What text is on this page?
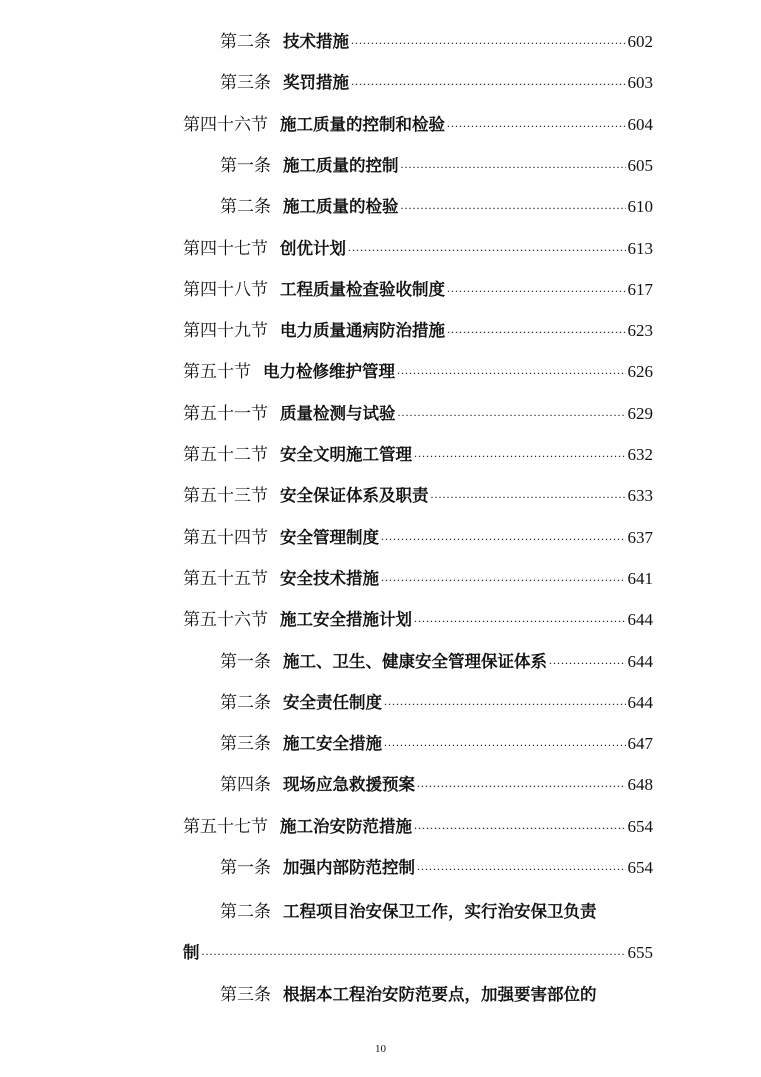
第二条 技术措施 .....	602
第三条 奖罚措施 .....	603
第四十六节 施工质量的控制和检验 .....	604
第一条 施工质量的控制 .....	605
第二条 施工质量的检验 .....	610
第四十七节 创优计划 .....	613
第四十八节 工程质量检查验收制度 .....	617
第四十九节 电力质量通病防治措施 .....	623
第五十节 电力检修维护管理 .....	626
第五十一节 质量检测与试验 .....	629
第五十二节 安全文明施工管理 .....	632
第五十三节 安全保证体系及职责 .....	633
第五十四节 安全管理制度 .....	637
第五十五节 安全技术措施 .....	641
第五十六节 施工安全措施计划 .....	644
第一条 施工、卫生、健康安全管理保证体系 .....	644
第二条 安全责任制度 .....	644
第三条 施工安全措施 .....	647
第四条 现场应急救援预案 .....	648
第五十七节 施工治安防范措施 .....	654
第一条 加强内部防范控制 .....	654
第二条 工程项目治安保卫工作，实行治安保卫负责
制 .....	655
第三条 根据本工程治安防范要点，加强要害部位的
10
